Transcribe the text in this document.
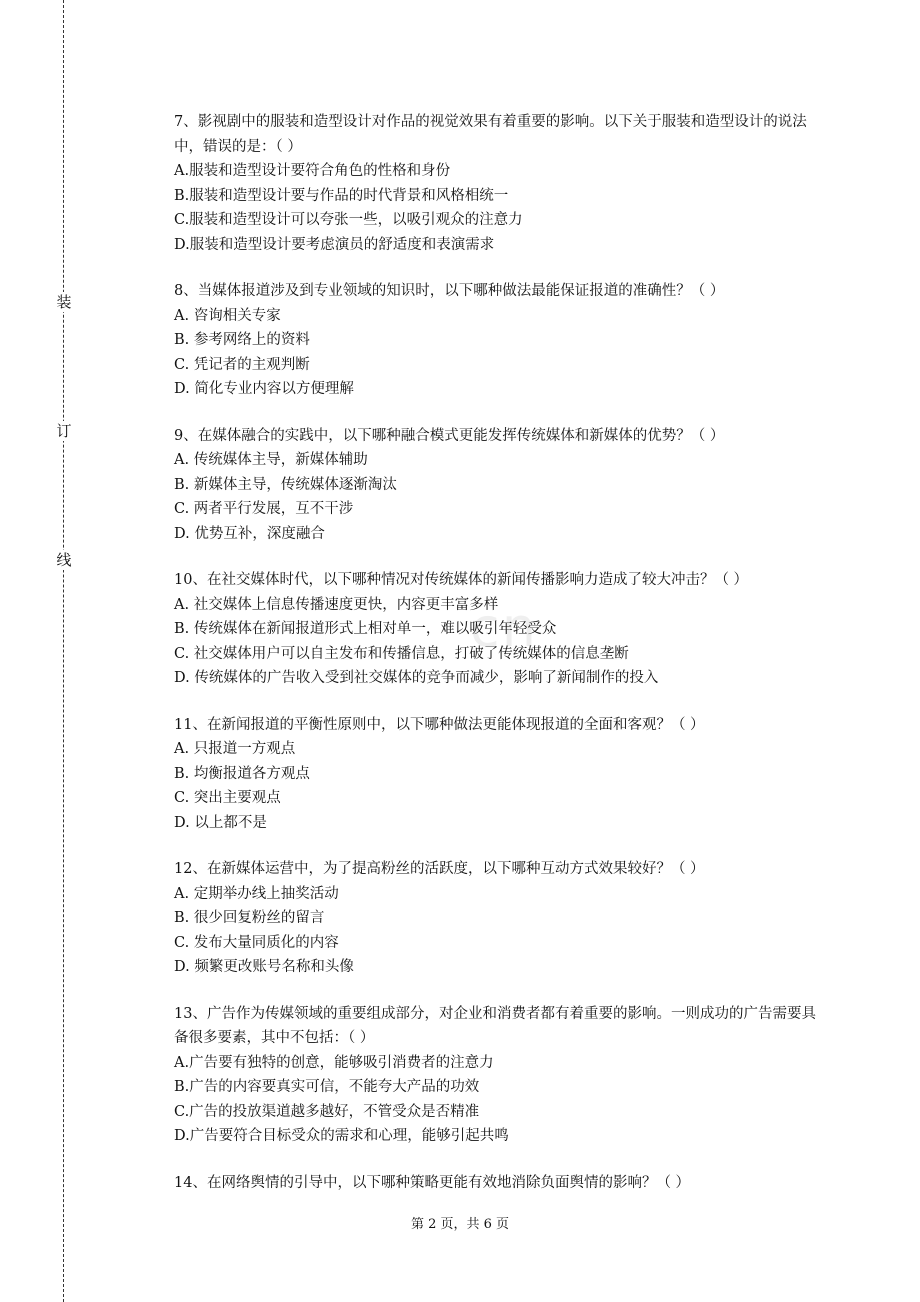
装
订
线
cn

7、影视剧中的服装和造型设计对作品的视觉效果有着重要的影响。以下关于服装和造型设计的说法中，错误的是：（ ）

A.服装和造型设计要符合角色的性格和身份

B.服装和造型设计要与作品的时代背景和风格相统一

C.服装和造型设计可以夸张一些，以吸引观众的注意力

D.服装和造型设计要考虑演员的舒适度和表演需求

8、当媒体报道涉及到专业领域的知识时，以下哪种做法最能保证报道的准确性？（ ）

A. 咨询相关专家

B. 参考网络上的资料

C. 凭记者的主观判断

D. 简化专业内容以方便理解

9、在媒体融合的实践中，以下哪种融合模式更能发挥传统媒体和新媒体的优势？（ ）

A. 传统媒体主导，新媒体辅助

B. 新媒体主导，传统媒体逐渐淘汰

C. 两者平行发展，互不干涉

D. 优势互补，深度融合

10、在社交媒体时代，以下哪种情况对传统媒体的新闻传播影响力造成了较大冲击？（ ）

A. 社交媒体上信息传播速度更快，内容更丰富多样

B. 传统媒体在新闻报道形式上相对单一，难以吸引年轻受众

C. 社交媒体用户可以自主发布和传播信息，打破了传统媒体的信息垄断

D. 传统媒体的广告收入受到社交媒体的竞争而减少，影响了新闻制作的投入

11、在新闻报道的平衡性原则中，以下哪种做法更能体现报道的全面和客观？（ ）

A. 只报道一方观点

B. 均衡报道各方观点

C. 突出主要观点

D. 以上都不是

12、在新媒体运营中，为了提高粉丝的活跃度，以下哪种互动方式效果较好？（ ）

A. 定期举办线上抽奖活动

B. 很少回复粉丝的留言

C. 发布大量同质化的内容

D. 频繁更改账号名称和头像

13、广告作为传媒领域的重要组成部分，对企业和消费者都有着重要的影响。一则成功的广告需要具备很多要素，其中不包括：（ ）

A.广告要有独特的创意，能够吸引消费者的注意力

B.广告的内容要真实可信，不能夸大产品的功效

C.广告的投放渠道越多越好，不管受众是否精准

D.广告要符合目标受众的需求和心理，能够引起共鸣

14、在网络舆情的引导中，以下哪种策略更能有效地消除负面舆情的影响？（ ）

第 2 页，共 6 页
